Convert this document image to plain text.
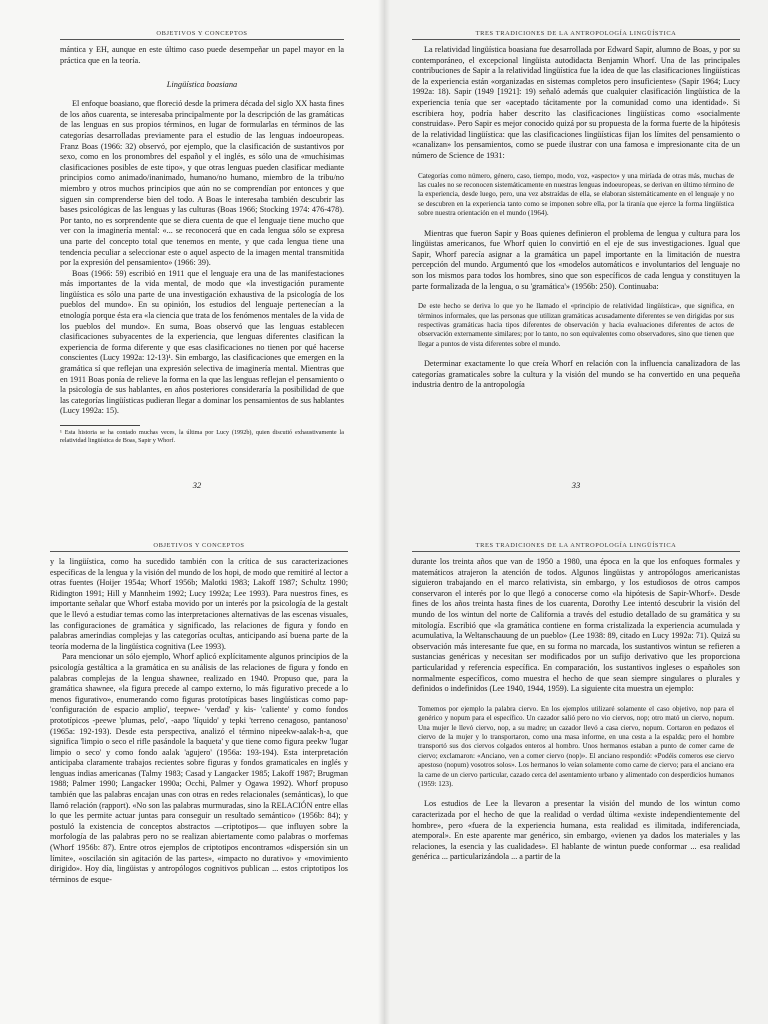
OBJETIVOS Y CONCEPTOS

mántica y EH, aunque en este último caso puede desempeñar un papel mayor en la práctica que en la teoría.

Lingüística boasiana

El enfoque boasiano, que floreció desde la primera década del siglo XX hasta fines de los años cuarenta, se interesaba principalmente por la descripción de las gramáticas de las lenguas en sus propios términos, en lugar de formularlas en términos de las categorías desarrolladas previamente para el estudio de las lenguas indoeuropeas. Franz Boas (1966: 32) observó, por ejemplo, que la clasificación de sustantivos por sexo, como en los pronombres del español y el inglés, es sólo una de «muchísimas clasificaciones posibles de este tipo», y que otras lenguas pueden clasificar mediante principios como animado/inanimado, humano/no humano, miembro de la tribu/no miembro y otros muchos principios que aún no se comprendían por entonces y que siguen sin comprenderse bien del todo. A Boas le interesaba también descubrir las bases psicológicas de las lenguas y las culturas (Boas 1966; Stocking 1974: 476-478). Por tanto, no es sorprendente que se diera cuenta de que el lenguaje tiene mucho que ver con la imaginería mental: «... se reconocerá que en cada lengua sólo se expresa una parte del concepto total que tenemos en mente, y que cada lengua tiene una tendencia peculiar a seleccionar este o aquel aspecto de la imagen mental transmitida por la expresión del pensamiento» (1966: 39).

Boas (1966: 59) escribió en 1911 que el lenguaje era una de las manifestaciones más importantes de la vida mental, de modo que «la investigación puramente lingüística es sólo una parte de una investigación exhaustiva de la psicología de los pueblos del mundo». En su opinión, los estudios del lenguaje pertenecían a la etnología porque ésta era «la ciencia que trata de los fenómenos mentales de la vida de los pueblos del mundo». En suma, Boas observó que las lenguas establecen clasificaciones subyacentes de la experiencia, que lenguas diferentes clasifican la experiencia de forma diferente y que esas clasificaciones no tienen por qué hacerse conscientes (Lucy 1992a: 12-13)¹. Sin embargo, las clasificaciones que emergen en la gramática sí que reflejan una expresión selectiva de imaginería mental. Mientras que en 1911 Boas ponía de relieve la forma en la que las lenguas reflejan el pensamiento o la psicología de sus hablantes, en años posteriores consideraría la posibilidad de que las categorías lingüísticas pudieran llegar a dominar los pensamientos de sus hablantes (Lucy 1992a: 15).

¹ Esta historia se ha contado muchas veces, la última por Lucy (1992b), quien discutió exhaustivamente la relatividad lingüística de Boas, Sapir y Whorf.

32
TRES TRADICIONES DE LA ANTROPOLOGÍA LINGÜÍSTICA

La relatividad lingüística boasiana fue desarrollada por Edward Sapir, alumno de Boas, y por su contemporáneo, el excepcional lingüista autodidacta Benjamin Whorf. Una de las principales contribuciones de Sapir a la relatividad lingüística fue la idea de que las clasificaciones lingüísticas de la experiencia están «organizadas en sistemas completos pero insuficientes» (Sapir 1964; Lucy 1992a: 18). Sapir (1949 [1921]: 19) señaló además que cualquier clasificación lingüística de la experiencia tenía que ser «aceptado tácitamente por la comunidad como una identidad». Si escribiera hoy, podría haber descrito las clasificaciones lingüísticas como «socialmente construidas». Pero Sapir es mejor conocido quizá por su propuesta de la forma fuerte de la hipótesis de la relatividad lingüística: que las clasificaciones lingüísticas fijan los límites del pensamiento o «canalizan» los pensamientos, como se puede ilustrar con una famosa e impresionante cita de un número de Science de 1931:

Categorías como número, género, caso, tiempo, modo, voz, «aspecto» y una miríada de otras más, muchas de las cuales no se reconocen sistemáticamente en nuestras lenguas indoeuropeas, se derivan en último término de la experiencia, desde luego, pero, una vez abstraídas de ella, se elaboran sistemáticamente en el lenguaje y no se descubren en la experiencia tanto como se imponen sobre ella, por la tiranía que ejerce la forma lingüística sobre nuestra orientación en el mundo (1964).

Mientras que fueron Sapir y Boas quienes definieron el problema de lengua y cultura para los lingüistas americanos, fue Whorf quien lo convirtió en el eje de sus investigaciones. Igual que Sapir, Whorf parecía asignar a la gramática un papel importante en la limitación de nuestra percepción del mundo. Argumentó que los «modelos automáticos e involuntarios del lenguaje no son los mismos para todos los hombres, sino que son específicos de cada lengua y constituyen la parte formalizada de la lengua, o su 'gramática'» (1956b: 250). Continuaba:

De este hecho se deriva lo que yo he llamado el «principio de relatividad lingüística», que significa, en términos informales, que las personas que utilizan gramáticas acusadamente diferentes se ven dirigidas por sus respectivas gramáticas hacia tipos diferentes de observación y hacia evaluaciones diferentes de actos de observación externamente similares; por lo tanto, no son equivalentes como observadores, sino que tienen que llegar a puntos de vista diferentes sobre el mundo.

Determinar exactamente lo que creía Whorf en relación con la influencia canalizadora de las categorías gramaticales sobre la cultura y la visión del mundo se ha convertido en una pequeña industria dentro de la antropología

33
OBJETIVOS Y CONCEPTOS

y la lingüística, como ha sucedido también con la crítica de sus caracterizaciones específicas de la lengua y la visión del mundo de los hopi, de modo que remitiré al lector a otras fuentes (Hoijer 1954a; Whorf 1956b; Malotki 1983; Lakoff 1987; Schultz 1990; Ridington 1991; Hill y Mannheim 1992; Lucy 1992a; Lee 1993). Para nuestros fines, es importante señalar que Whorf estaba movido por un interés por la psicología de la gestalt que le llevó a estudiar temas como las interpretaciones alternativas de las escenas visuales, las configuraciones de gramática y significado, las relaciones de figura y fondo en palabras amerindias complejas y las categorías ocultas, anticipando así buena parte de la teoría moderna de la lingüística cognitiva (Lee 1993).

Para mencionar un sólo ejemplo, Whorf aplicó explícitamente algunos principios de la psicología gestáltica a la gramática en su análisis de las relaciones de figura y fondo en palabras complejas de la lengua shawnee, realizado en 1940. Propuso que, para la gramática shawnee, «la figura precede al campo externo, lo más figurativo precede a lo menos figurativo», enumerando como figuras prototípicas bases lingüísticas como pap- 'configuración de espacio amplio', teepwe- 'verdad' y kis- 'caliente' y como fondos prototípicos -peewe 'plumas, pelo', -aapo 'líquido' y tepki 'terreno cenagoso, pantanoso' (1965a: 192-193). Desde esta perspectiva, analizó el término nipeekw-aalak-h-a, que significa 'limpio o seco el rifle pasándole la baqueta' y que tiene como figura peekw 'lugar limpio o seco' y como fondo aalak 'agujero' (1956a: 193-194). Esta interpretación anticipaba claramente trabajos recientes sobre figuras y fondos gramaticales en inglés y lenguas indias americanas (Talmy 1983; Casad y Langacker 1985; Lakoff 1987; Brugman 1988; Palmer 1990; Langacker 1990a; Occhi, Palmer y Ogawa 1992). Whorf propuso también que las palabras encajan unas con otras en redes relacionales (semánticas), lo que llamó relación (rapport). «No son las palabras murmuradas, sino la RELACIÓN entre ellas lo que les permite actuar juntas para conseguir un resultado semántico» (1956b: 84); y postuló la existencia de conceptos abstractos —criptotipos— que influyen sobre la morfología de las palabras pero no se realizan abiertamente como palabras o morfemas (Whorf 1956b: 87). Entre otros ejemplos de criptotipos encontramos «dispersión sin un límite», «oscilación sin agitación de las partes», «impacto no durativo» y «movimiento dirigido». Hoy día, lingüistas y antropólogos cognitivos publican ... estos criptotipos los términos de esque-

TRES TRADICIONES DE LA ANTROPOLOGÍA LINGÜÍSTICA

durante los treinta años que van de 1950 a 1980, una época en la que los enfoques formales y matemáticos atrajeron la atención de todos. Algunos lingüistas y antropólogos americanistas siguieron trabajando en el marco relativista, sin embargo, y los estudiosos de otros campos conservaron el interés por lo que llegó a conocerse como «la hipótesis de Sapir-Whorf». Desde fines de los años treinta hasta fines de los cuarenta, Dorothy Lee intentó descubrir la visión del mundo de los wintun del norte de California a través del estudio detallado de su gramática y su mitología. Escribió que «la gramática contiene en forma cristalizada la experiencia acumulada y acumulativa, la Weltanschauung de un pueblo» (Lee 1938: 89, citado en Lucy 1992a: 71). Quizá su observación más interesante fue que, en su forma no marcada, los sustantivos wintun se refieren a sustancias genéricas y necesitan ser modificados por un sufijo derivativo que les proporciona particularidad y referencia específica. En comparación, los sustantivos ingleses o españoles son normalmente específicos, como muestra el hecho de que sean siempre singulares o plurales y definidos o indefinidos (Lee 1940, 1944, 1959). La siguiente cita muestra un ejemplo:

Tomemos por ejemplo la palabra ciervo. En los ejemplos utilizaré solamente el caso objetivo, nop para el genérico y nopum para el específico. Un cazador salió pero no vio ciervos, nop; otro mató un ciervo, nopum. Una mujer le llevó ciervo, nop, a su madre; un cazador llevó a casa ciervo, nopum. Cortaron en pedazos el ciervo de la mujer y lo transportaron, como una masa informe, en una cesta a la espalda; pero el hombre transportó sus dos ciervos colgados enteros al hombro. Unos hermanos estaban a punto de comer carne de ciervo; exclamaron: «Anciano, ven a comer ciervo (nop)». El anciano respondió: «Podéis comeros ese ciervo apestoso (nopum) vosotros solos». Los hermanos lo veían solamente como carne de ciervo; para el anciano era la carne de un ciervo particular, cazado cerca del asentamiento urbano y alimentado con desperdicios humanos (1959: 123).

Los estudios de Lee la llevaron a presentar la visión del mundo de los wintun como caracterizada por el hecho de que la realidad o verdad última «existe independientemente del hombre», pero «fuera de la experiencia humana, esta realidad es ilimitada, indiferenciada, atemporal». En este aparente mar genérico, sin embargo, «vienen ya dados los materiales y las relaciones, la esencia y las cualidades». El hablante de wintun puede conformar ... esa realidad genérica ... particularizándola ... a partir de la
